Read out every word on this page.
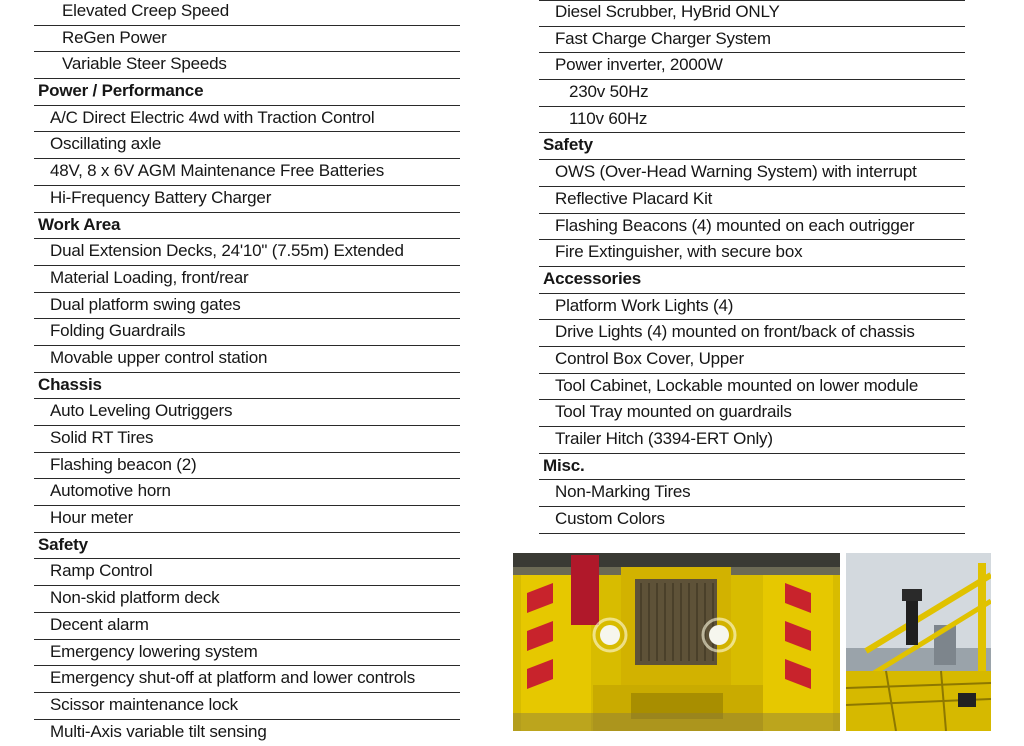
Elevated Creep Speed
ReGen Power
Variable Steer Speeds
Power / Performance
A/C Direct Electric 4wd with Traction Control
Oscillating axle
48V, 8 x 6V AGM Maintenance Free Batteries
Hi-Frequency Battery Charger
Work Area
Dual Extension Decks, 24'10" (7.55m) Extended
Material Loading, front/rear
Dual platform swing gates
Folding Guardrails
Movable upper control station
Chassis
Auto Leveling Outriggers
Solid RT Tires
Flashing beacon (2)
Automotive horn
Hour meter
Safety
Ramp Control
Non-skid platform deck
Decent alarm
Emergency lowering system
Emergency shut-off at platform and lower controls
Scissor maintenance lock
Multi-Axis variable tilt sensing
Diesel Scrubber, HyBrid ONLY
Fast Charge Charger System
Power inverter, 2000W
230v 50Hz
110v 60Hz
Safety
OWS (Over-Head Warning System) with interrupt
Reflective Placard Kit
Flashing Beacons (4) mounted on each outrigger
Fire Extinguisher, with secure box
Accessories
Platform Work Lights (4)
Drive Lights (4) mounted on front/back of chassis
Control Box Cover, Upper
Tool Cabinet, Lockable mounted on lower module
Tool Tray mounted on guardrails
Trailer Hitch (3394-ERT Only)
Misc.
Non-Marking Tires
Custom Colors
